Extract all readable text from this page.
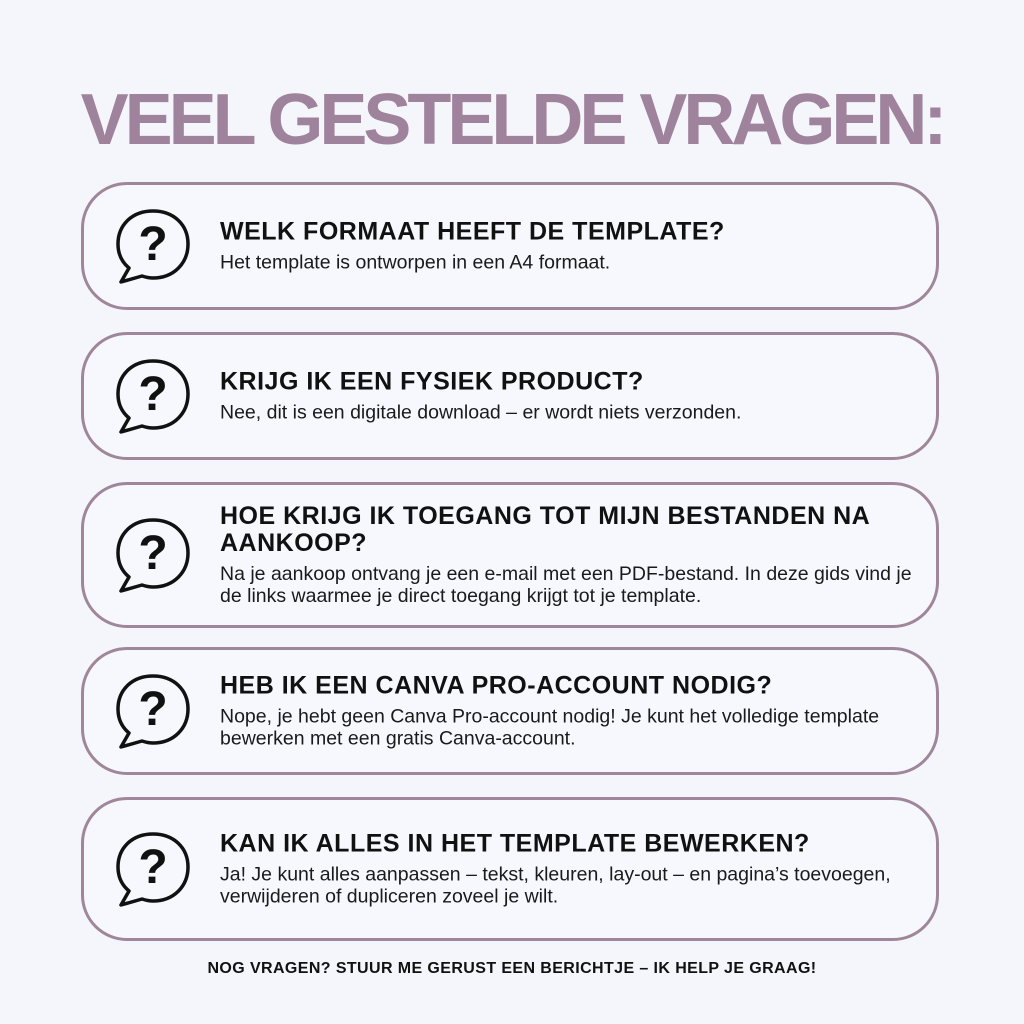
VEEL GESTELDE VRAGEN:
? WELK FORMAAT HEEFT DE TEMPLATE?
Het template is ontworpen in een A4 formaat.
? KRIJG IK EEN FYSIEK PRODUCT?
Nee, dit is een digitale download – er wordt niets verzonden.
?
HOE KRIJG IK TOEGANG TOT MIJN BESTANDEN NA AANKOOP?
Na je aankoop ontvang je een e-mail met een PDF-bestand. In deze gids vind je de links waarmee je direct toegang krijgt tot je template.
? HEB IK EEN CANVA PRO-ACCOUNT NODIG?
Nope, je hebt geen Canva Pro-account nodig! Je kunt het volledige template bewerken met een gratis Canva-account.
? KAN IK ALLES IN HET TEMPLATE BEWERKEN?
Ja! Je kunt alles aanpassen – tekst, kleuren, lay-out – en pagina’s toevoegen, verwijderen of dupliceren zoveel je wilt.
NOG VRAGEN? STUUR ME GERUST EEN BERICHTJE – IK HELP JE GRAAG!
